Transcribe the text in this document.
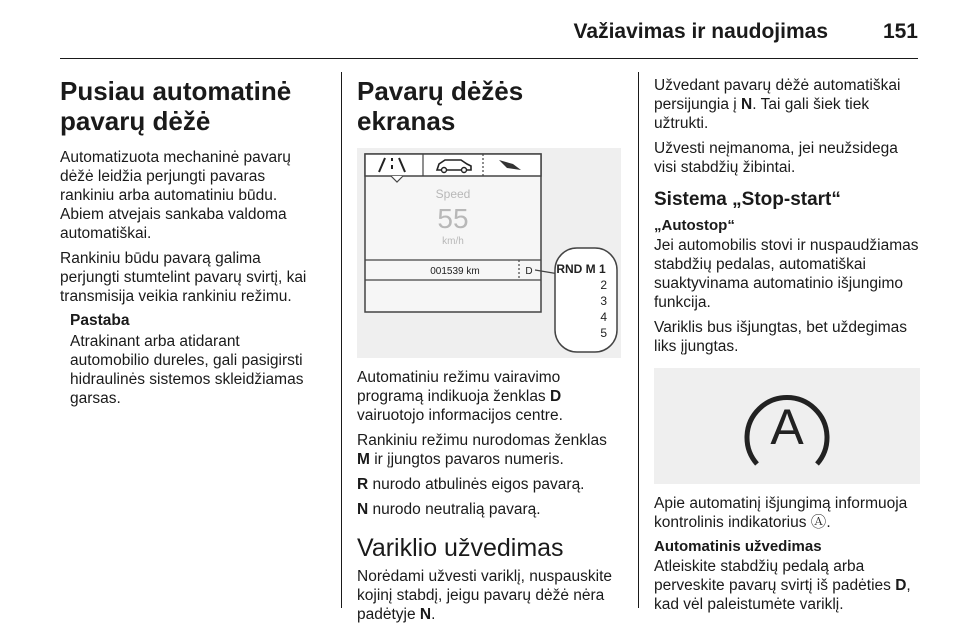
Važiavimas ir naudojimas	151
Pusiau automatinė pavarų dėžė

Automatizuota mechaninė pavarų dėžė leidžia perjungti pavaras rankiniu arba automatiniu būdu. Abiem atvejais sankaba valdoma automatiškai.

Rankiniu būdu pavarą galima perjungti stumtelint pavarų svirtį, kai transmisija veikia rankiniu režimu.

Pastaba

Atrakinant arba atidarant automobilio dureles, gali pasigirsti hidraulinės sistemos skleidžiamas garsas.

Pavarų dėžės ekranas
Speed
55
km/h
001539 km	D RND M 1
2
3
4
5

Automatiniu režimu vairavimo programą indikuoja ženklas D vairuotojo informacijos centre.

Rankiniu režimu nurodomas ženklas M ir įjungtos pavaros numeris.

R nurodo atbulinės eigos pavarą.

N nurodo neutralią pavarą.

Variklio užvedimas

Norėdami užvesti variklį, nuspauskite kojinį stabdį, jeigu pavarų dėžė nėra padėtyje N.

Užvedant pavarų dėžė automatiškai persijungia į N. Tai gali šiek tiek užtrukti.

Užvesti neįmanoma, jei neužsidega visi stabdžių žibintai.

Sistema „Stop-start“
„Autostop“

Jei automobilis stovi ir nuspaudžiamas stabdžių pedalas, automatiškai suaktyvinama automatinio išjungimo funkcija.

Variklis bus išjungtas, bet uždegimas liks įjungtas.

A

Apie automatinį išjungimą informuoja kontrolinis indikatorius Ⓐ.

Automatinis užvedimas

Atleiskite stabdžių pedalą arba perveskite pavarų svirtį iš padėties D, kad vėl paleistumėte variklį.
